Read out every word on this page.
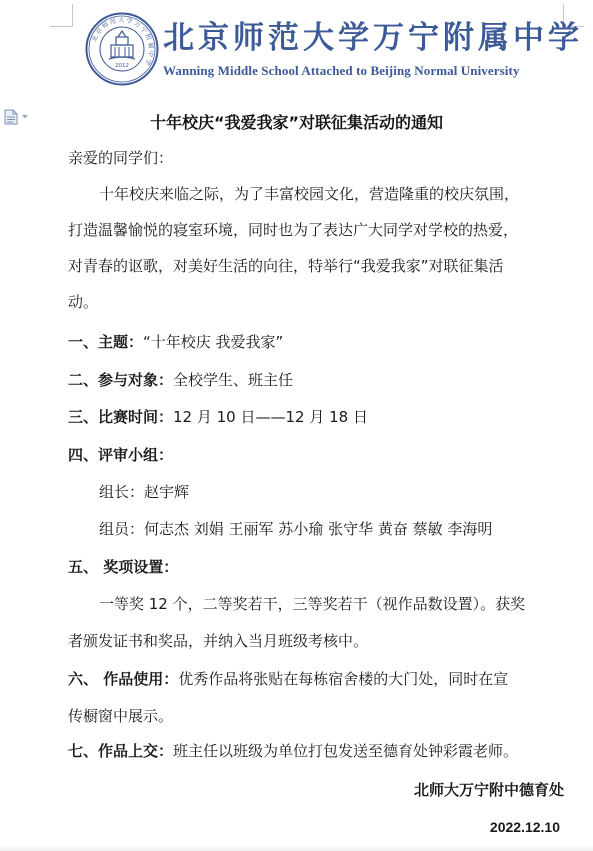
北京师范大学万宁附属中学
2012
北京师范大学万宁附属中学
Wanning Middle School Attached to Beijing Normal University
十年校庆“我爱我家”对联征集活动的通知
亲爱的同学们：
十年校庆来临之际，为了丰富校园文化，营造隆重的校庆氛围，
打造温馨愉悦的寝室环境，同时也为了表达广大同学对学校的热爱，
对青春的讴歌，对美好生活的向往，特举行“我爱我家”对联征集活
动。
一、主题：“十年校庆 我爱我家”
二、参与对象：全校学生、班主任
三、比赛时间：12 月 10 日——12 月 18 日
四、评审小组：
组长：赵宇辉
组员：何志杰 刘娟 王丽军 苏小瑜 张守华 黄奋 蔡敏 李海明
五、 奖项设置：
一等奖 12 个，二等奖若干，三等奖若干（视作品数设置）。获奖
者颁发证书和奖品，并纳入当月班级考核中。
六、 作品使用：优秀作品将张贴在每栋宿舍楼的大门处，同时在宣
传橱窗中展示。
七、作品上交：班主任以班级为单位打包发送至德育处钟彩霞老师。
北师大万宁附中德育处
2022.12.10
